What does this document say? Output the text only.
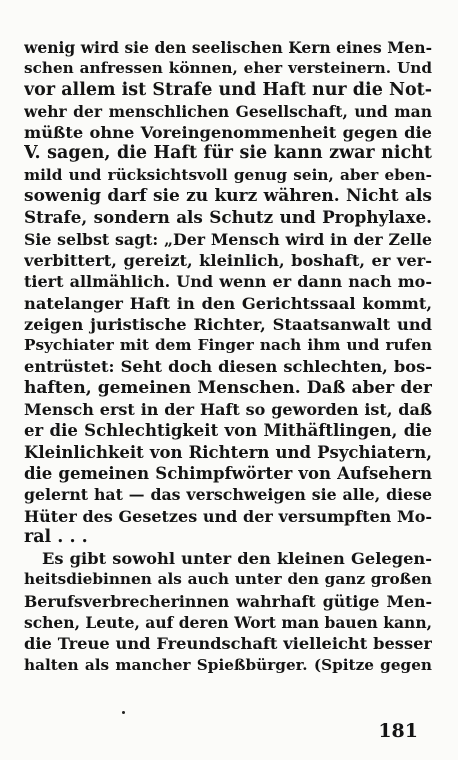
wenig wird sie den seelischen Kern eines Men-
schen anfressen können, eher versteinern. Und
vor allem ist Strafe und Haft nur die Not-
wehr der menschlichen Gesellschaft, und man
müßte ohne Voreingenommenheit gegen die
V. sagen, die Haft für sie kann zwar nicht
mild und rücksichtsvoll genug sein, aber eben-
sowenig darf sie zu kurz währen. Nicht als
Strafe, sondern als Schutz und Prophylaxe.
Sie selbst sagt: „Der Mensch wird in der Zelle
verbittert, gereizt, kleinlich, boshaft, er ver-
tiert allmählich. Und wenn er dann nach mo-
natelanger Haft in den Gerichtssaal kommt,
zeigen juristische Richter, Staatsanwalt und
Psychiater mit dem Finger nach ihm und rufen
entrüstet: Seht doch diesen schlechten, bos-
haften, gemeinen Menschen. Daß aber der
Mensch erst in der Haft so geworden ist, daß
er die Schlechtigkeit von Mithäftlingen, die
Kleinlichkeit von Richtern und Psychiatern,
die gemeinen Schimpfwörter von Aufsehern
gelernt hat — das verschweigen sie alle, diese
Hüter des Gesetzes und der versumpften Mo-
ral . . .
Es gibt sowohl unter den kleinen Gelegen-
heitsdiebinnen als auch unter den ganz großen
Berufsverbrecherinnen wahrhaft gütige Men-
schen, Leute, auf deren Wort man bauen kann,
die Treue und Freundschaft vielleicht besser
halten als mancher Spießbürger. (Spitze gegen
181
